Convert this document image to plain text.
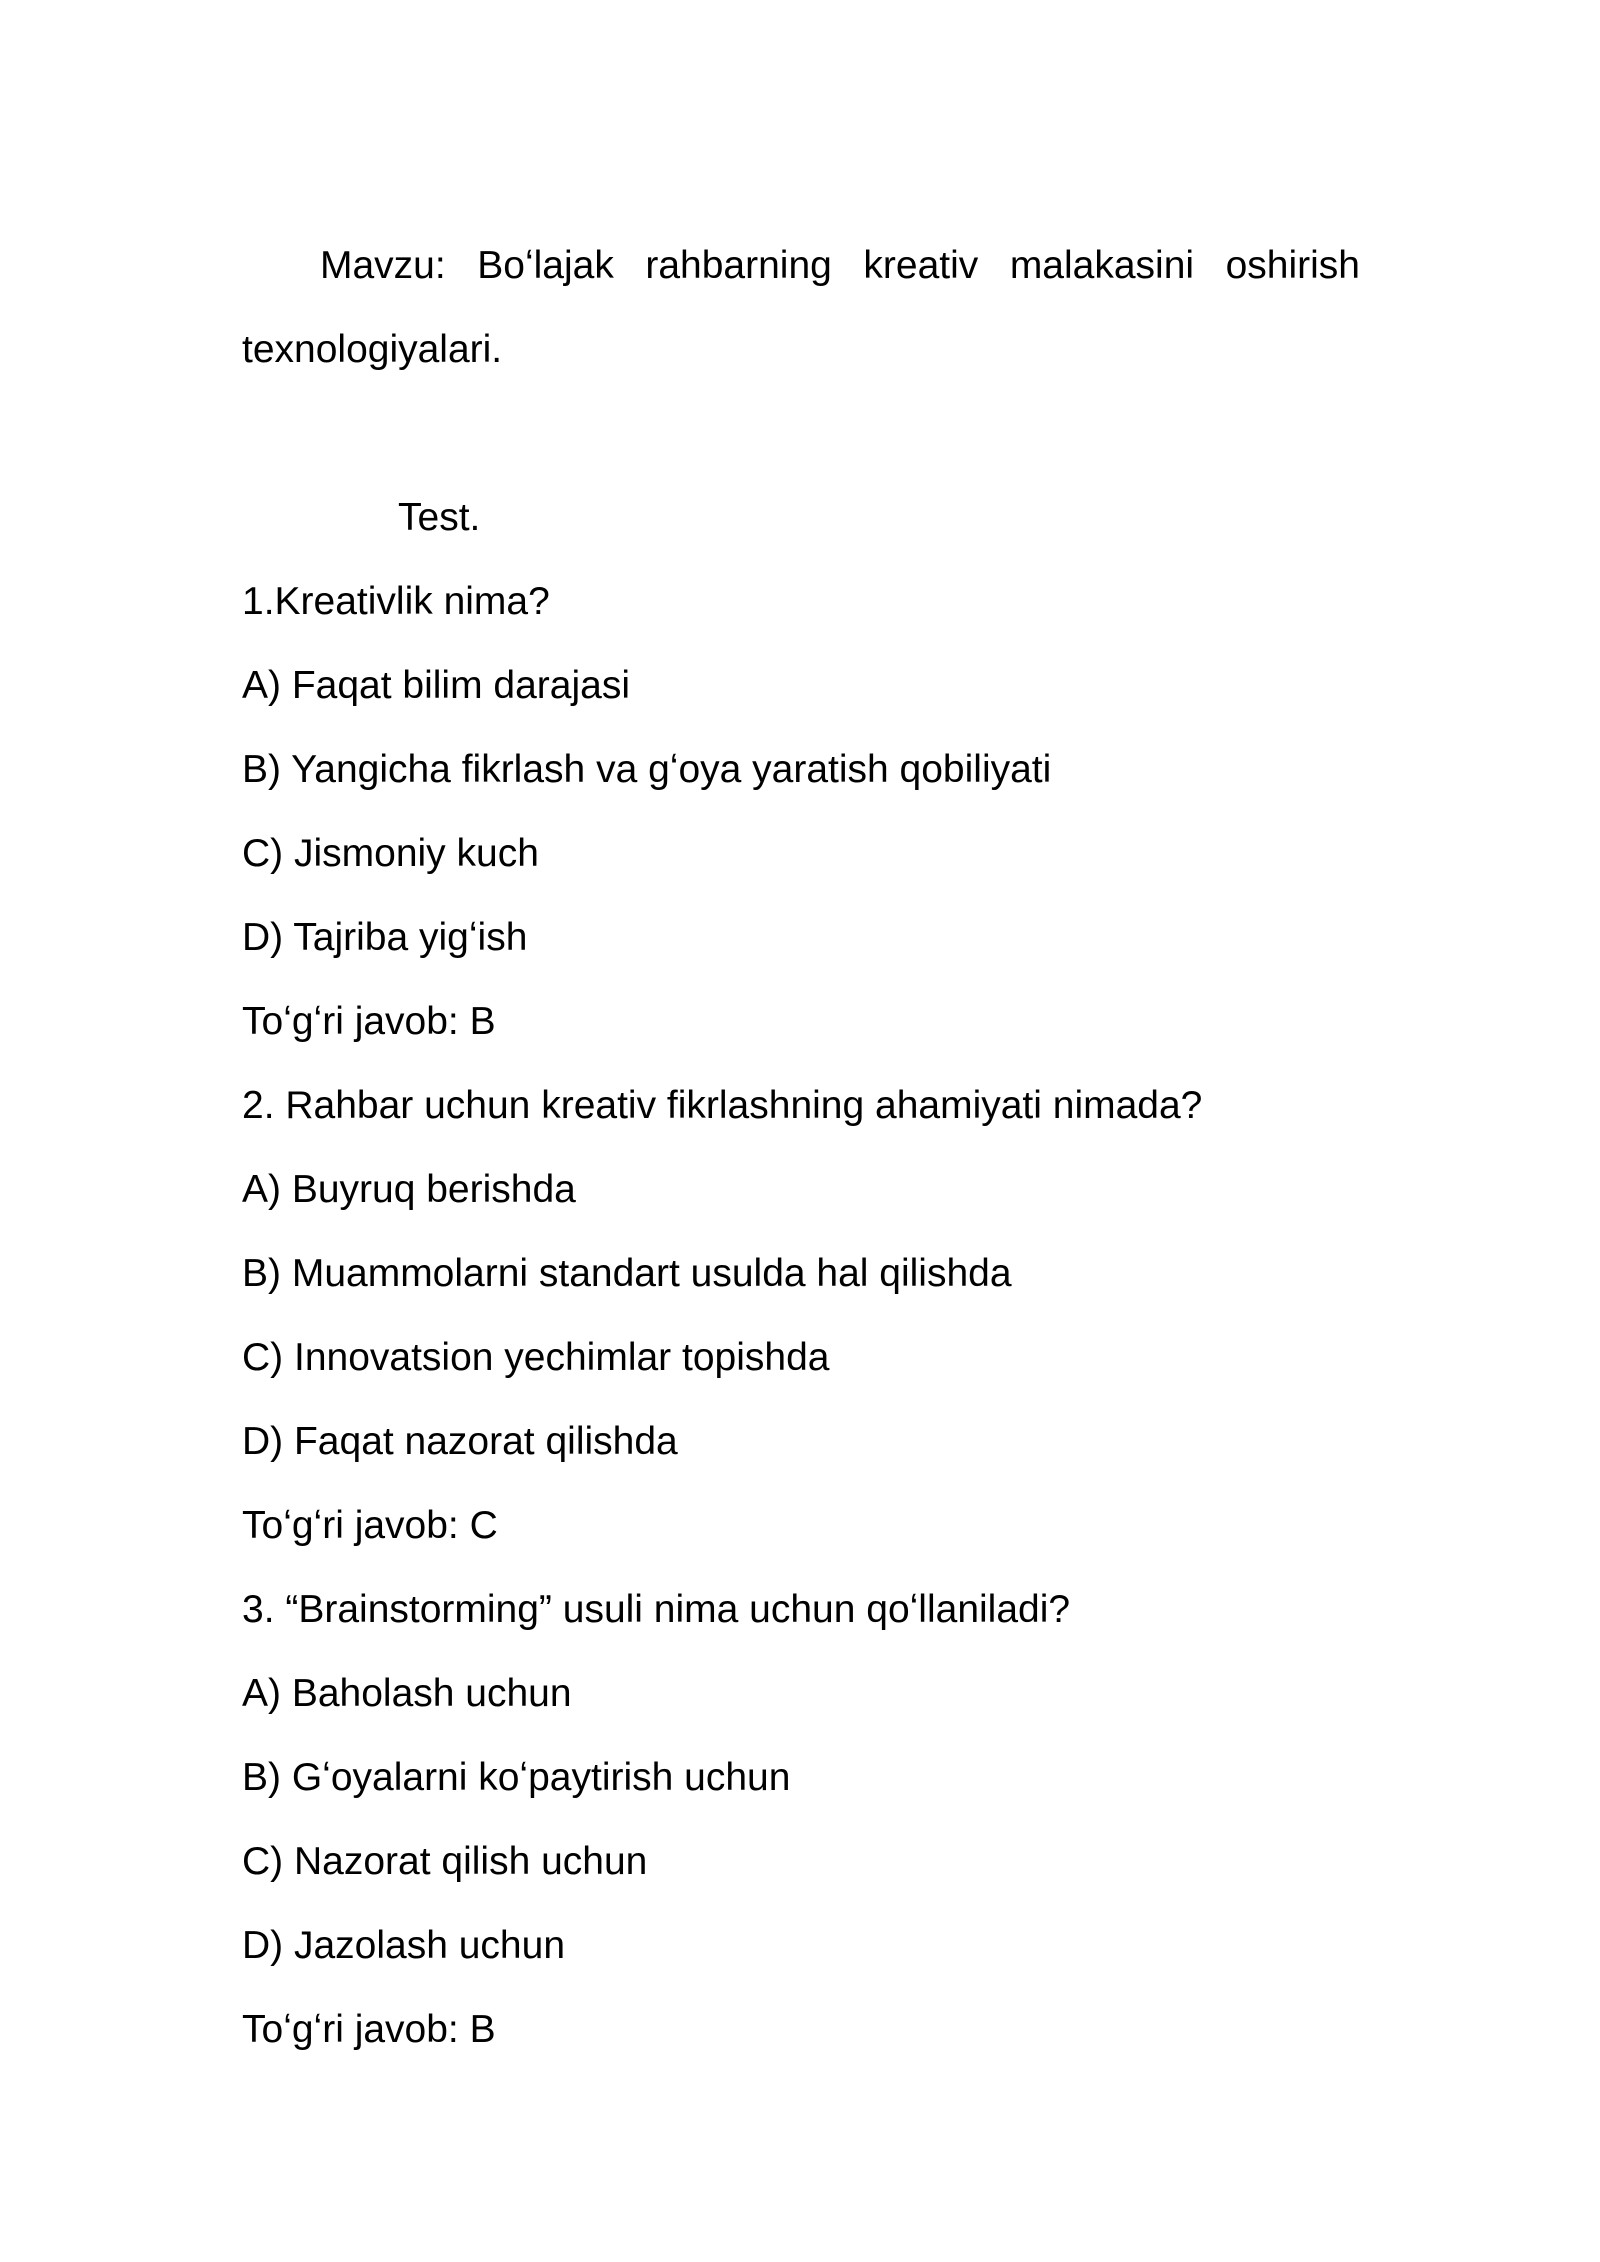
Mavzu: Boʻlajak rahbarning kreativ malakasini oshirish
texnologiyalari.
Test.
1.Kreativlik nima?
A) Faqat bilim darajasi
B) Yangicha fikrlash va gʻoya yaratish qobiliyati
C) Jismoniy kuch
D) Tajriba yigʻish
Toʻgʻri javob: B
2. Rahbar uchun kreativ fikrlashning ahamiyati nimada?
A) Buyruq berishda
B) Muammolarni standart usulda hal qilishda
C) Innovatsion yechimlar topishda
D) Faqat nazorat qilishda
Toʻgʻri javob: C
3. “Brainstorming” usuli nima uchun qoʻllaniladi?
A) Baholash uchun
B) Gʻoyalarni koʻpaytirish uchun
C) Nazorat qilish uchun
D) Jazolash uchun
Toʻgʻri javob: B
